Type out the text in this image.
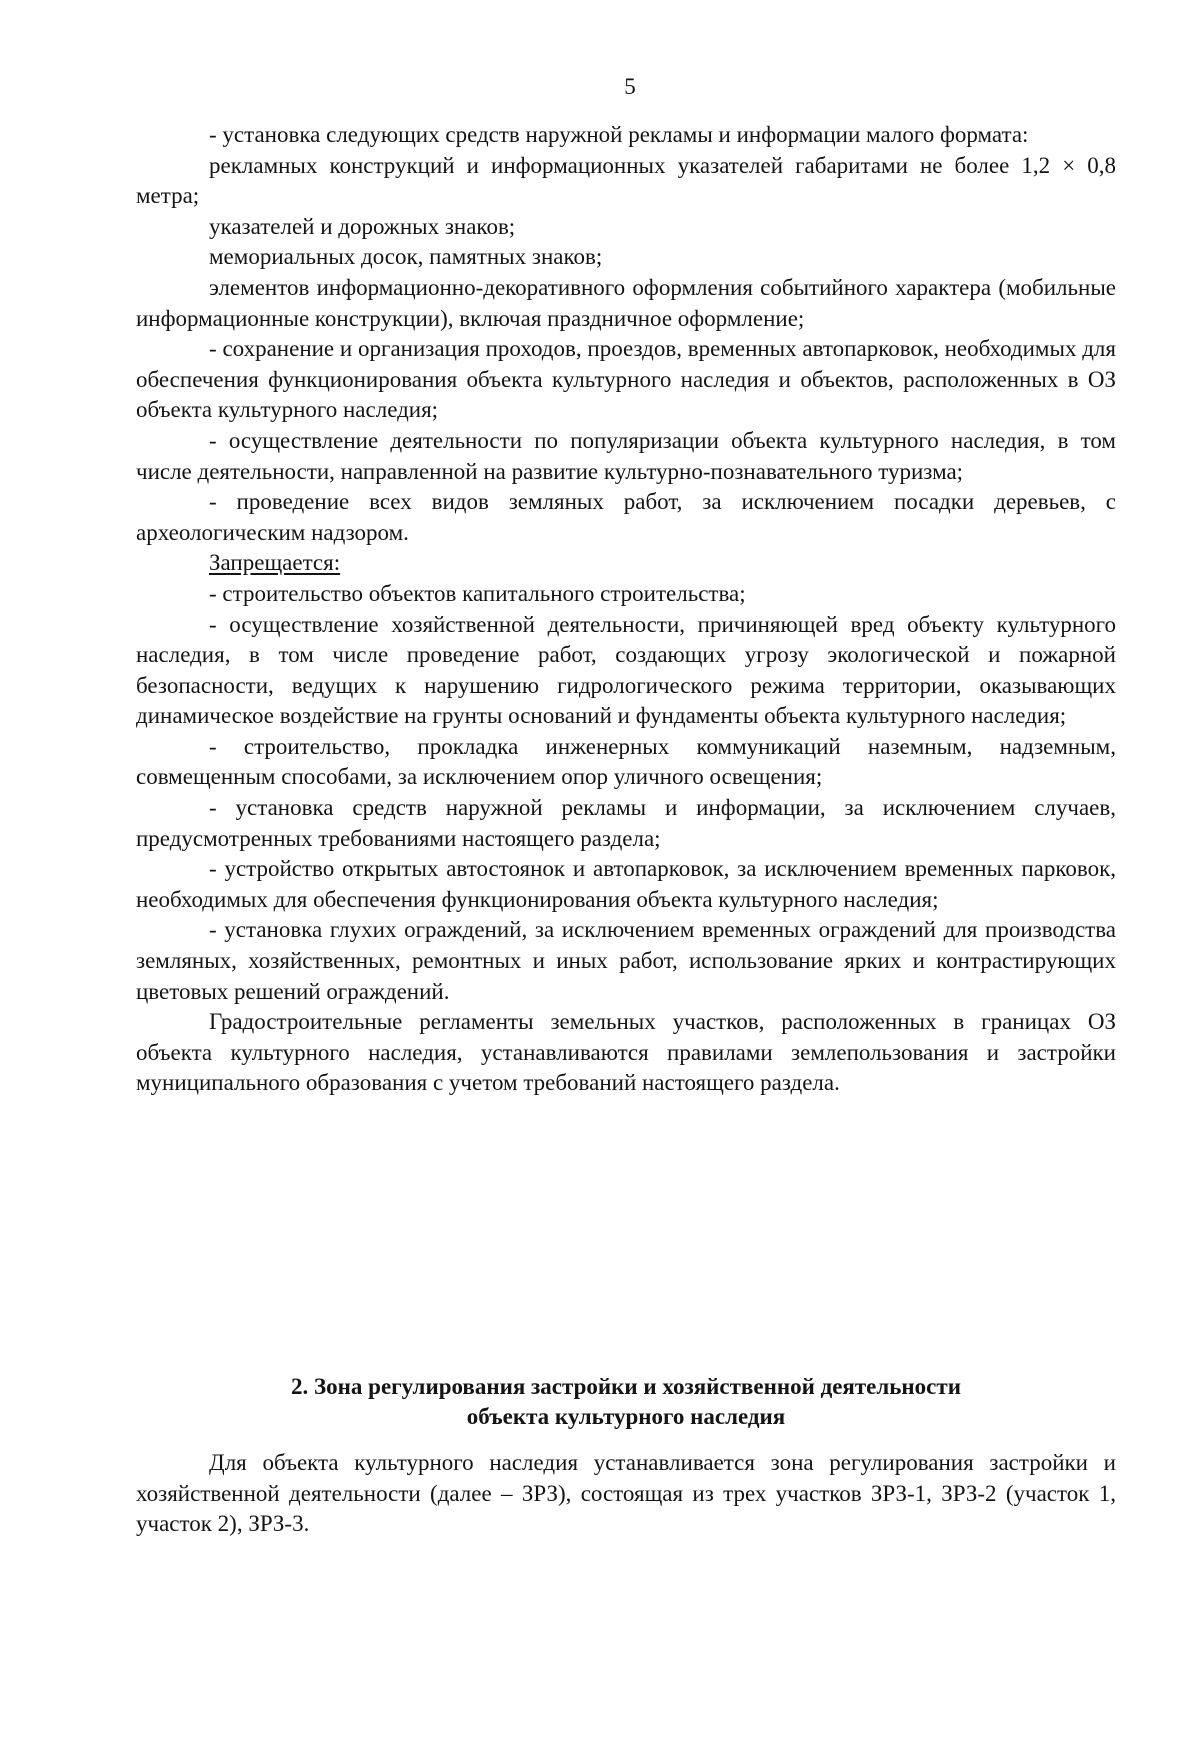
5

- установка следующих средств наружной рекламы и информации малого формата:

рекламных конструкций и информационных указателей габаритами не более 1,2 × 0,8 метра;

указателей и дорожных знаков;

мемориальных досок, памятных знаков;

элементов информационно-декоративного оформления событийного характера (мобильные информационные конструкции), включая праздничное оформление;

- сохранение и организация проходов, проездов, временных автопарковок, необходимых для обеспечения функционирования объекта культурного наследия и объектов, расположенных в ОЗ объекта культурного наследия;

- осуществление деятельности по популяризации объекта культурного наследия, в том числе деятельности, направленной на развитие культурно-познавательного туризма;

- проведение всех видов земляных работ, за исключением посадки деревьев, с археологическим надзором.

Запрещается:

- строительство объектов капитального строительства;

- осуществление хозяйственной деятельности, причиняющей вред объекту культурного наследия, в том числе проведение работ, создающих угрозу экологической и пожарной безопасности, ведущих к нарушению гидрологического режима территории, оказывающих динамическое воздействие на грунты оснований и фундаменты объекта культурного наследия;

- строительство, прокладка инженерных коммуникаций наземным, надземным, совмещенным способами, за исключением опор уличного освещения;

- установка средств наружной рекламы и информации, за исключением случаев, предусмотренных требованиями настоящего раздела;

- устройство открытых автостоянок и автопарковок, за исключением временных парковок, необходимых для обеспечения функционирования объекта культурного наследия;

- установка глухих ограждений, за исключением временных ограждений для производства земляных, хозяйственных, ремонтных и иных работ, использование ярких и контрастирующих цветовых решений ограждений.

Градостроительные регламенты земельных участков, расположенных в границах ОЗ объекта культурного наследия, устанавливаются правилами землепользования и застройки муниципального образования с учетом требований настоящего раздела.

2. Зона регулирования застройки и хозяйственной деятельности
объекта культурного наследия

Для объекта культурного наследия устанавливается зона регулирования застройки и хозяйственной деятельности (далее – ЗРЗ), состоящая из трех участков ЗРЗ-1, ЗРЗ-2 (участок 1, участок 2), ЗРЗ-3.
